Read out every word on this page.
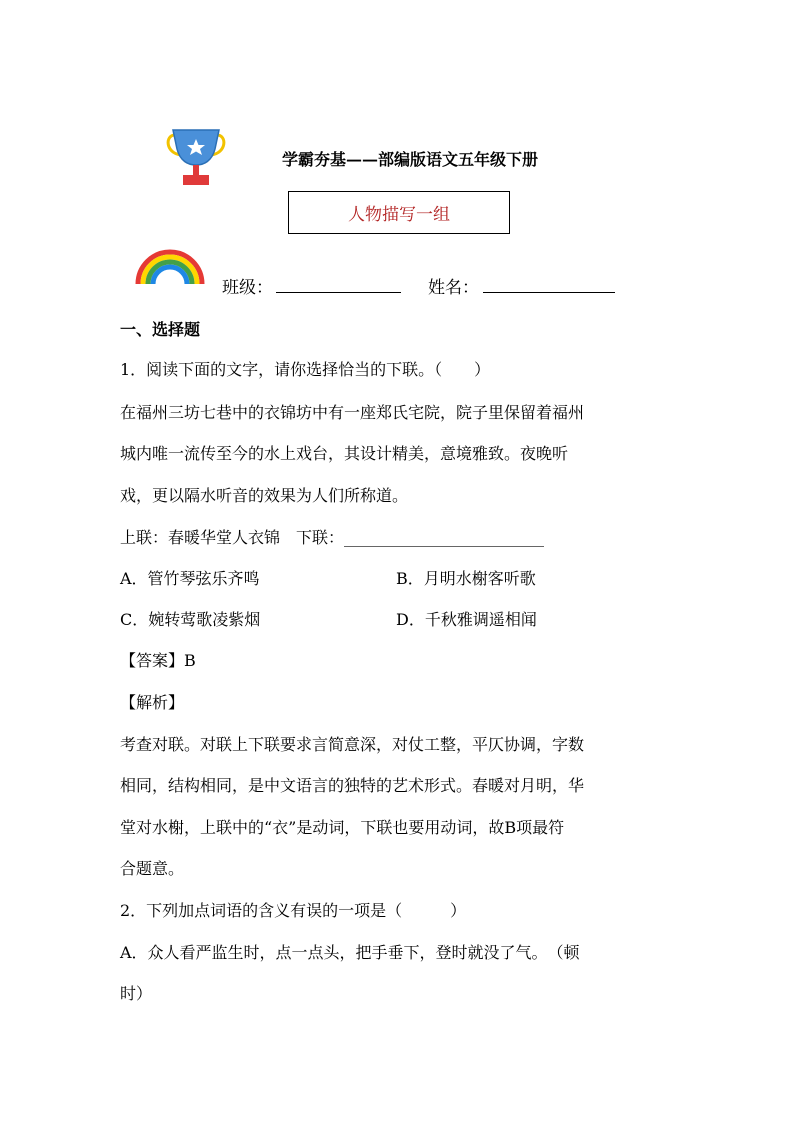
学霸夯基——部编版语文五年级下册
人物描写一组
班级：	姓名：
一、选择题
1．阅读下面的文字，请你选择恰当的下联。（　　）
在福州三坊七巷中的衣锦坊中有一座郑氏宅院，院子里保留着福州
城内唯一流传至今的水上戏台，其设计精美，意境雅致。夜晚听
戏，更以隔水听音的效果为人们所称道。
上联：春暖华堂人衣锦　下联：_________________________
A．管竹琴弦乐齐鸣	B．月明水榭客听歌
C．婉转莺歌凌紫烟	D．千秋雅调遥相闻
【答案】B
【解析】
考查对联。对联上下联要求言简意深，对仗工整，平仄协调，字数
相同，结构相同，是中文语言的独特的艺术形式。春暖对月明，华
堂对水榭，上联中的“衣”是动词，下联也要用动词，故B项最符
合题意。
2．下列加点词语的含义有误的一项是（　　　）
A．众人看严监生时，点一点头，把手垂下，登时就没了气。　（顿
时）
